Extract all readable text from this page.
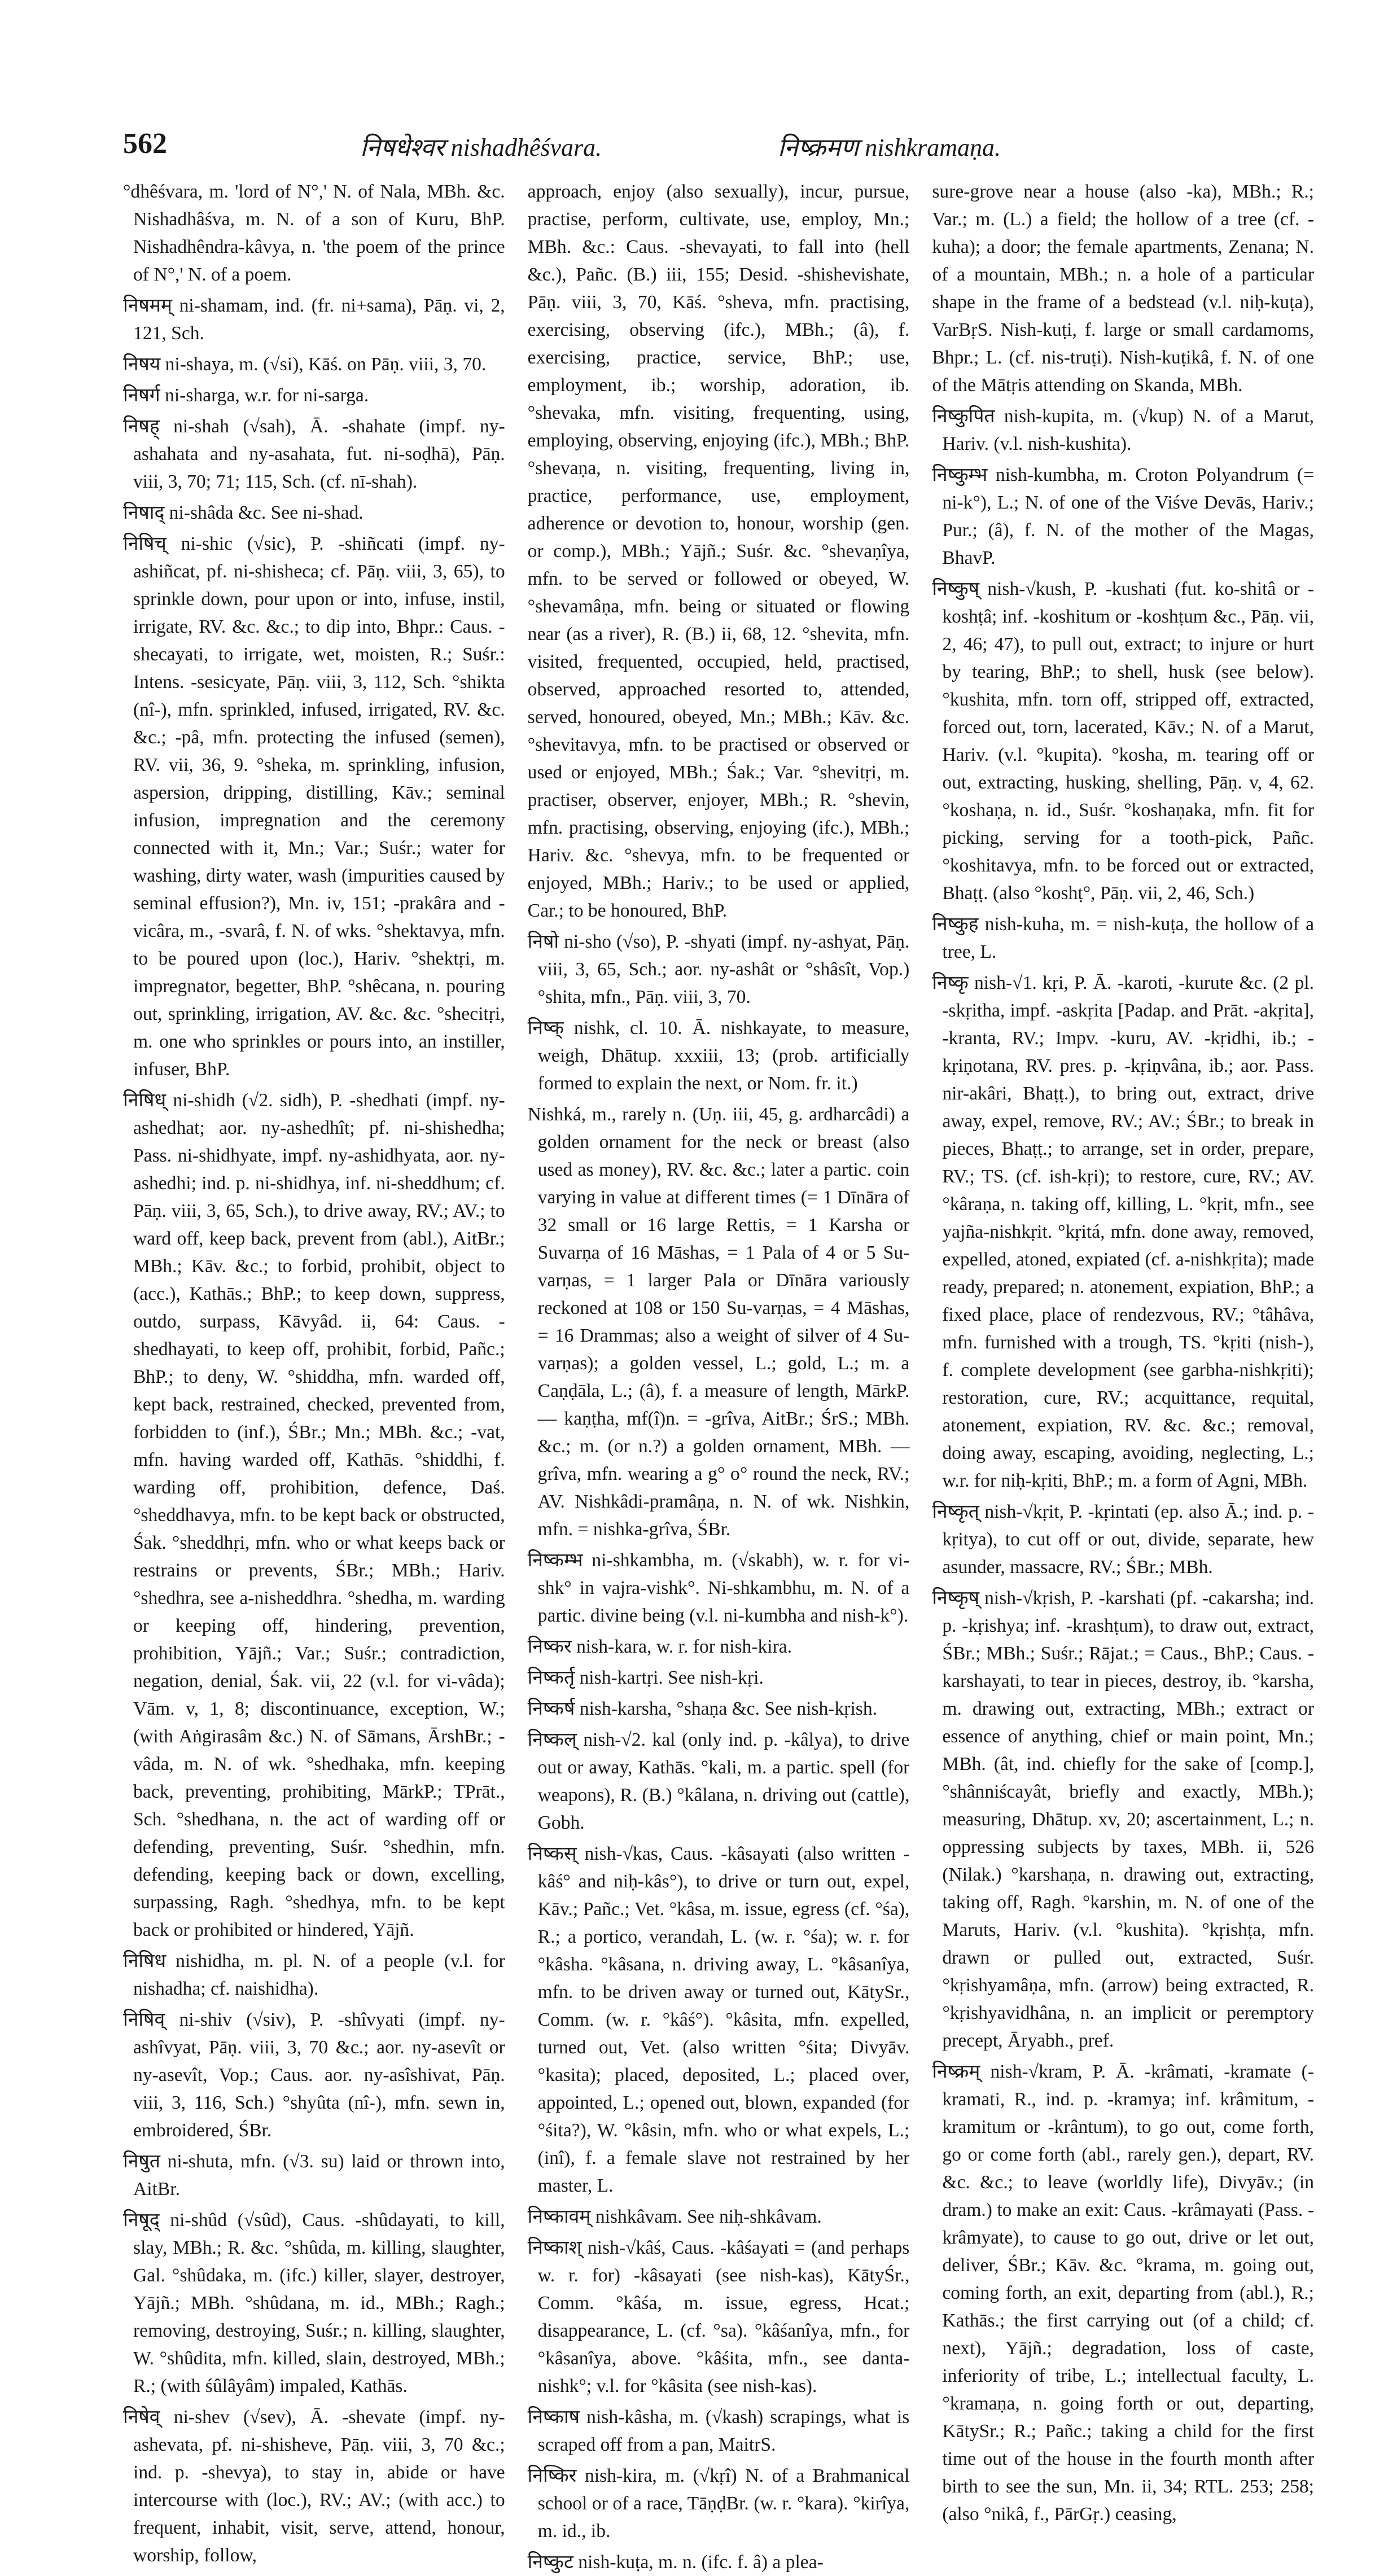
562	निषधेश्वर nishadhêśvara.	निष्क्रमण nishkramaṇa.

°dhêśvara, m. 'lord of N°,' N. of Nala, MBh. &c. Nishadhâśva, m. N. of a son of Kuru, BhP. Nishadhêndra-kâvya, n. 'the poem of the prince of N°,' N. of a poem.

निषमम् ni-shamam, ind. (fr. ni+sama), Pāṇ. vi, 2, 121, Sch.

निषय ni-shaya, m. (√si), Kāś. on Pāṇ. viii, 3, 70.

निषर्ग ni-sharga, w.r. for ni-sarga.

निषह् ni-shah (√sah), Ā. -shahate (impf. ny-ashahata and ny-asahata, fut. ni-soḍhā), Pāṇ. viii, 3, 70; 71; 115, Sch. (cf. nī-shah).

निषाद् ni-shâda &c. See ni-shad.

निषिच् ni-shic (√sic), P. -shiñcati (impf. ny-ashiñcat, pf. ni-shisheca; cf. Pāṇ. viii, 3, 65), to sprinkle down, pour upon or into, infuse, instil, irrigate, RV. &c. &c.; to dip into, Bhpr.: Caus. -shecayati, to irrigate, wet, moisten, R.; Suśr.: Intens. -sesicyate, Pāṇ. viii, 3, 112, Sch. °shikta (nî-), mfn. sprinkled, infused, irrigated, RV. &c. &c.; -pâ, mfn. protecting the infused (semen), RV. vii, 36, 9. °sheka, m. sprinkling, infusion, aspersion, dripping, distilling, Kāv.; seminal infusion, impregnation and the ceremony connected with it, Mn.; Var.; Suśr.; water for washing, dirty water, wash (impurities caused by seminal effusion?), Mn. iv, 151; -prakâra and -vicâra, m., -svarâ, f. N. of wks. °shektavya, mfn. to be poured upon (loc.), Hariv. °shektṛi, m. impregnator, begetter, BhP. °shêcana, n. pouring out, sprinkling, irrigation, AV. &c. &c. °shecitṛi, m. one who sprinkles or pours into, an instiller, infuser, BhP.

निषिध् ni-shidh (√2. sidh), P. -shedhati (impf. ny-ashedhat; aor. ny-ashedhît; pf. ni-shishedha; Pass. ni-shidhyate, impf. ny-ashidhyata, aor. ny-ashedhi; ind. p. ni-shidhya, inf. ni-sheddhum; cf. Pāṇ. viii, 3, 65, Sch.), to drive away, RV.; AV.; to ward off, keep back, prevent from (abl.), AitBr.; MBh.; Kāv. &c.; to forbid, prohibit, object to (acc.), Kathās.; BhP.; to keep down, suppress, outdo, surpass, Kāvyâd. ii, 64: Caus. -shedhayati, to keep off, prohibit, forbid, Pañc.; BhP.; to deny, W. °shiddha, mfn. warded off, kept back, restrained, checked, prevented from, forbidden to (inf.), ŚBr.; Mn.; MBh. &c.; -vat, mfn. having warded off, Kathās. °shiddhi, f. warding off, prohibition, defence, Daś. °sheddhavya, mfn. to be kept back or obstructed, Śak. °sheddhṛi, mfn. who or what keeps back or restrains or prevents, ŚBr.; MBh.; Hariv. °shedhra, see a-nisheddhra. °shedha, m. warding or keeping off, hindering, prevention, prohibition, Yājñ.; Var.; Suśr.; contradiction, negation, denial, Śak. vii, 22 (v.l. for vi-vâda); Vām. v, 1, 8; discontinuance, exception, W.; (with Aṅgirasâm &c.) N. of Sāmans, ĀrshBr.; -vâda, m. N. of wk. °shedhaka, mfn. keeping back, preventing, prohibiting, MārkP.; TPrāt., Sch. °shedhana, n. the act of warding off or defending, preventing, Suśr. °shedhin, mfn. defending, keeping back or down, excelling, surpassing, Ragh. °shedhya, mfn. to be kept back or prohibited or hindered, Yājñ.

निषिध nishidha, m. pl. N. of a people (v.l. for nishadha; cf. naishidha).

निषिव् ni-shiv (√siv), P. -shîvyati (impf. ny-ashîvyat, Pāṇ. viii, 3, 70 &c.; aor. ny-asevît or ny-asevît, Vop.; Caus. aor. ny-asîshivat, Pāṇ. viii, 3, 116, Sch.) °shyûta (nî-), mfn. sewn in, embroidered, ŚBr.

निषुत ni-shuta, mfn. (√3. su) laid or thrown into, AitBr.

निषूद् ni-shûd (√sûd), Caus. -shûdayati, to kill, slay, MBh.; R. &c. °shûda, m. killing, slaughter, Gal. °shûdaka, m. (ifc.) killer, slayer, destroyer, Yājñ.; MBh. °shûdana, m. id., MBh.; Ragh.; removing, destroying, Suśr.; n. killing, slaughter, W. °shûdita, mfn. killed, slain, destroyed, MBh.; R.; (with śûlâyâm) impaled, Kathās.

निषेव् ni-shev (√sev), Ā. -shevate (impf. ny-ashevata, pf. ni-shisheve, Pāṇ. viii, 3, 70 &c.; ind. p. -shevya), to stay in, abide or have intercourse with (loc.), RV.; AV.; (with acc.) to frequent, inhabit, visit, serve, attend, honour, worship, follow,

approach, enjoy (also sexually), incur, pursue, practise, perform, cultivate, use, employ, Mn.; MBh. &c.: Caus. -shevayati, to fall into (hell &c.), Pañc. (B.) iii, 155; Desid. -shishevishate, Pāṇ. viii, 3, 70, Kāś. °sheva, mfn. practising, exercising, observing (ifc.), MBh.; (â), f. exercising, practice, service, BhP.; use, employment, ib.; worship, adoration, ib. °shevaka, mfn. visiting, frequenting, using, employing, observing, enjoying (ifc.), MBh.; BhP. °shevaṇa, n. visiting, frequenting, living in, practice, performance, use, employment, adherence or devotion to, honour, worship (gen. or comp.), MBh.; Yājñ.; Suśr. &c. °shevaṇîya, mfn. to be served or followed or obeyed, W. °shevamâṇa, mfn. being or situated or flowing near (as a river), R. (B.) ii, 68, 12. °shevita, mfn. visited, frequented, occupied, held, practised, observed, approached resorted to, attended, served, honoured, obeyed, Mn.; MBh.; Kāv. &c. °shevitavya, mfn. to be practised or observed or used or enjoyed, MBh.; Śak.; Var. °shevitṛi, m. practiser, observer, enjoyer, MBh.; R. °shevin, mfn. practising, observing, enjoying (ifc.), MBh.; Hariv. &c. °shevya, mfn. to be frequented or enjoyed, MBh.; Hariv.; to be used or applied, Car.; to be honoured, BhP.

निषो ni-sho (√so), P. -shyati (impf. ny-ashyat, Pāṇ. viii, 3, 65, Sch.; aor. ny-ashât or °shâsît, Vop.) °shita, mfn., Pāṇ. viii, 3, 70.

निष्क् nishk, cl. 10. Ā. nishkayate, to measure, weigh, Dhātup. xxxiii, 13; (prob. artificially formed to explain the next, or Nom. fr. it.)

Nishká, m., rarely n. (Uṇ. iii, 45, g. ardharcâdi) a golden ornament for the neck or breast (also used as money), RV. &c. &c.; later a partic. coin varying in value at different times (= 1 Dīnāra of 32 small or 16 large Rettis, = 1 Karsha or Suvarṇa of 16 Māshas, = 1 Pala of 4 or 5 Su-varṇas, = 1 larger Pala or Dīnāra variously reckoned at 108 or 150 Su-varṇas, = 4 Māshas, = 16 Drammas; also a weight of silver of 4 Su-varṇas); a golden vessel, L.; gold, L.; m. a Caṇḍāla, L.; (â), f. a measure of length, MārkP. — kaṇṭha, mf(î)n. = -grîva, AitBr.; ŚrS.; MBh. &c.; m. (or n.?) a golden ornament, MBh. — grîva, mfn. wearing a g° o° round the neck, RV.; AV. Nishkâdi-pramâṇa, n. N. of wk. Nishkin, mfn. = nishka-grîva, ŚBr.

निष्कम्भ ni-shkambha, m. (√skabh), w. r. for vi-shk° in vajra-vishk°. Ni-shkambhu, m. N. of a partic. divine being (v.l. ni-kumbha and nish-k°).

निष्कर nish-kara, w. r. for nish-kira.

निष्कर्तृ nish-kartṛi. See nish-kṛi.

निष्कर्ष nish-karsha, °shaṇa &c. See nish-kṛish.

निष्कल् nish-√2. kal (only ind. p. -kâlya), to drive out or away, Kathās. °kali, m. a partic. spell (for weapons), R. (B.) °kâlana, n. driving out (cattle), Gobh.

निष्कस् nish-√kas, Caus. -kâsayati (also written -kâś° and niḥ-kâs°), to drive or turn out, expel, Kāv.; Pañc.; Vet. °kâsa, m. issue, egress (cf. °śa), R.; a portico, verandah, L. (w. r. °śa); w. r. for °kâsha. °kâsana, n. driving away, L. °kâsanîya, mfn. to be driven away or turned out, KātySr., Comm. (w. r. °kâś°). °kâsita, mfn. expelled, turned out, Vet. (also written °śita; Divyāv. °kasita); placed, deposited, L.; placed over, appointed, L.; opened out, blown, expanded (for °śita?), W. °kâsin, mfn. who or what expels, L.; (inî), f. a female slave not restrained by her master, L.

निष्कावम् nishkâvam. See niḥ-shkâvam.

निष्काश् nish-√kâś, Caus. -kâśayati = (and perhaps w. r. for) -kâsayati (see nish-kas), KātyŚr., Comm. °kâśa, m. issue, egress, Hcat.; disappearance, L. (cf. °sa). °kâśanîya, mfn., for °kâsanîya, above. °kâśita, mfn., see danta-nishk°; v.l. for °kâsita (see nish-kas).

निष्काष nish-kâsha, m. (√kash) scrapings, what is scraped off from a pan, MaitrS.

निष्किर nish-kira, m. (√kṛî) N. of a Brahmanical school or of a race, TāṇḍBr. (w. r. °kara). °kirîya, m. id., ib.

निष्कुट nish-kuṭa, m. n. (ifc. f. â) a plea-

sure-grove near a house (also -ka), MBh.; R.; Var.; m. (L.) a field; the hollow of a tree (cf. -kuha); a door; the female apartments, Zenana; N. of a mountain, MBh.; n. a hole of a particular shape in the frame of a bedstead (v.l. niḥ-kuṭa), VarBṛS. Nish-kuṭi, f. large or small cardamoms, Bhpr.; L. (cf. nis-truṭi). Nish-kuṭikâ, f. N. of one of the Mātṛis attending on Skanda, MBh.

निष्कुपित nish-kupita, m. (√kup) N. of a Marut, Hariv. (v.l. nish-kushita).

निष्कुम्भ nish-kumbha, m. Croton Polyandrum (= ni-k°), L.; N. of one of the Viśve Devās, Hariv.; Pur.; (â), f. N. of the mother of the Magas, BhavP.

निष्कुष् nish-√kush, P. -kushati (fut. ko-shitâ or -koshṭâ; inf. -koshitum or -koshṭum &c., Pāṇ. vii, 2, 46; 47), to pull out, extract; to injure or hurt by tearing, BhP.; to shell, husk (see below). °kushita, mfn. torn off, stripped off, extracted, forced out, torn, lacerated, Kāv.; N. of a Marut, Hariv. (v.l. °kupita). °kosha, m. tearing off or out, extracting, husking, shelling, Pāṇ. v, 4, 62. °koshaṇa, n. id., Suśr. °koshaṇaka, mfn. fit for picking, serving for a tooth-pick, Pañc. °koshitavya, mfn. to be forced out or extracted, Bhaṭṭ. (also °koshṭ°, Pāṇ. vii, 2, 46, Sch.)

निष्कुह nish-kuha, m. = nish-kuṭa, the hollow of a tree, L.

निष्कृ nish-√1. kṛi, P. Ā. -karoti, -kurute &c. (2 pl. -skṛitha, impf. -askṛita [Padap. and Prāt. -akṛita], -kranta, RV.; Impv. -kuru, AV. -kṛidhi, ib.; -kṛiṇotana, RV. pres. p. -kṛiṇvâna, ib.; aor. Pass. nir-akâri, Bhaṭṭ.), to bring out, extract, drive away, expel, remove, RV.; AV.; ŚBr.; to break in pieces, Bhaṭṭ.; to arrange, set in order, prepare, RV.; TS. (cf. ish-kṛi); to restore, cure, RV.; AV. °kâraṇa, n. taking off, killing, L. °kṛit, mfn., see yajña-nishkṛit. °kṛitá, mfn. done away, removed, expelled, atoned, expiated (cf. a-nishkṛita); made ready, prepared; n. atonement, expiation, BhP.; a fixed place, place of rendezvous, RV.; °tâhâva, mfn. furnished with a trough, TS. °kṛiti (nish-), f. complete development (see garbha-nishkṛiti); restoration, cure, RV.; acquittance, requital, atonement, expiation, RV. &c. &c.; removal, doing away, escaping, avoiding, neglecting, L.; w.r. for niḥ-kṛiti, BhP.; m. a form of Agni, MBh.

निष्कृत् nish-√kṛit, P. -kṛintati (ep. also Ā.; ind. p. -kṛitya), to cut off or out, divide, separate, hew asunder, massacre, RV.; ŚBr.; MBh.

निष्कृष् nish-√kṛish, P. -karshati (pf. -cakarsha; ind. p. -kṛishya; inf. -krashṭum), to draw out, extract, ŚBr.; MBh.; Suśr.; Rājat.; = Caus., BhP.; Caus. -karshayati, to tear in pieces, destroy, ib. °karsha, m. drawing out, extracting, MBh.; extract or essence of anything, chief or main point, Mn.; MBh. (ât, ind. chiefly for the sake of [comp.], °shânniścayât, briefly and exactly, MBh.); measuring, Dhātup. xv, 20; ascertainment, L.; n. oppressing subjects by taxes, MBh. ii, 526 (Nilak.) °karshaṇa, n. drawing out, extracting, taking off, Ragh. °karshin, m. N. of one of the Maruts, Hariv. (v.l. °kushita). °kṛishṭa, mfn. drawn or pulled out, extracted, Suśr. °kṛishyamâṇa, mfn. (arrow) being extracted, R. °kṛishyavidhâna, n. an implicit or peremptory precept, Āryabh., pref.

निष्क्रम् nish-√kram, P. Ā. -krâmati, -kramate (-kramati, R., ind. p. -kramya; inf. krâmitum, -kramitum or -krântum), to go out, come forth, go or come forth (abl., rarely gen.), depart, RV. &c. &c.; to leave (worldly life), Divyāv.; (in dram.) to make an exit: Caus. -krâmayati (Pass. -krâmyate), to cause to go out, drive or let out, deliver, ŚBr.; Kāv. &c. °krama, m. going out, coming forth, an exit, departing from (abl.), R.; Kathās.; the first carrying out (of a child; cf. next), Yājñ.; degradation, loss of caste, inferiority of tribe, L.; intellectual faculty, L. °kramaṇa, n. going forth or out, departing, KātySr.; R.; Pañc.; taking a child for the first time out of the house in the fourth month after birth to see the sun, Mn. ii, 34; RTL. 253; 258; (also °nikâ, f., PārGṛ.) ceasing,
